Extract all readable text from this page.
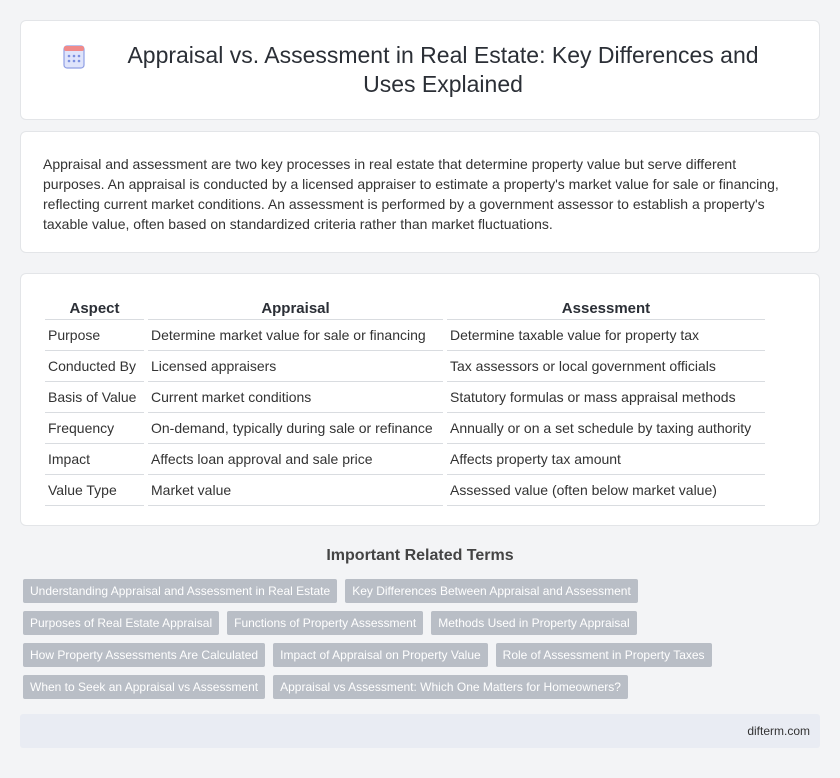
Appraisal vs. Assessment in Real Estate: Key Differences and Uses Explained

Appraisal and assessment are two key processes in real estate that determine property value but serve different purposes. An appraisal is conducted by a licensed appraiser to estimate a property's market value for sale or financing, reflecting current market conditions. An assessment is performed by a government assessor to establish a property's taxable value, often based on standardized criteria rather than market fluctuations.

Aspect	Appraisal	Assessment
Purpose	Determine market value for sale or financing	Determine taxable value for property tax
Conducted By	Licensed appraisers	Tax assessors or local government officials
Basis of Value	Current market conditions	Statutory formulas or mass appraisal methods
Frequency	On-demand, typically during sale or refinance	Annually or on a set schedule by taxing authority
Impact	Affects loan approval and sale price	Affects property tax amount
Value Type	Market value	Assessed value (often below market value)
Important Related Terms
Understanding Appraisal and Assessment in Real Estate	Key Differences Between Appraisal and Assessment
Purposes of Real Estate Appraisal	Functions of Property Assessment	Methods Used in Property Appraisal
How Property Assessments Are Calculated	Impact of Appraisal on Property Value	Role of Assessment in Property Taxes
When to Seek an Appraisal vs Assessment	Appraisal vs Assessment: Which One Matters for Homeowners?
difterm.com
